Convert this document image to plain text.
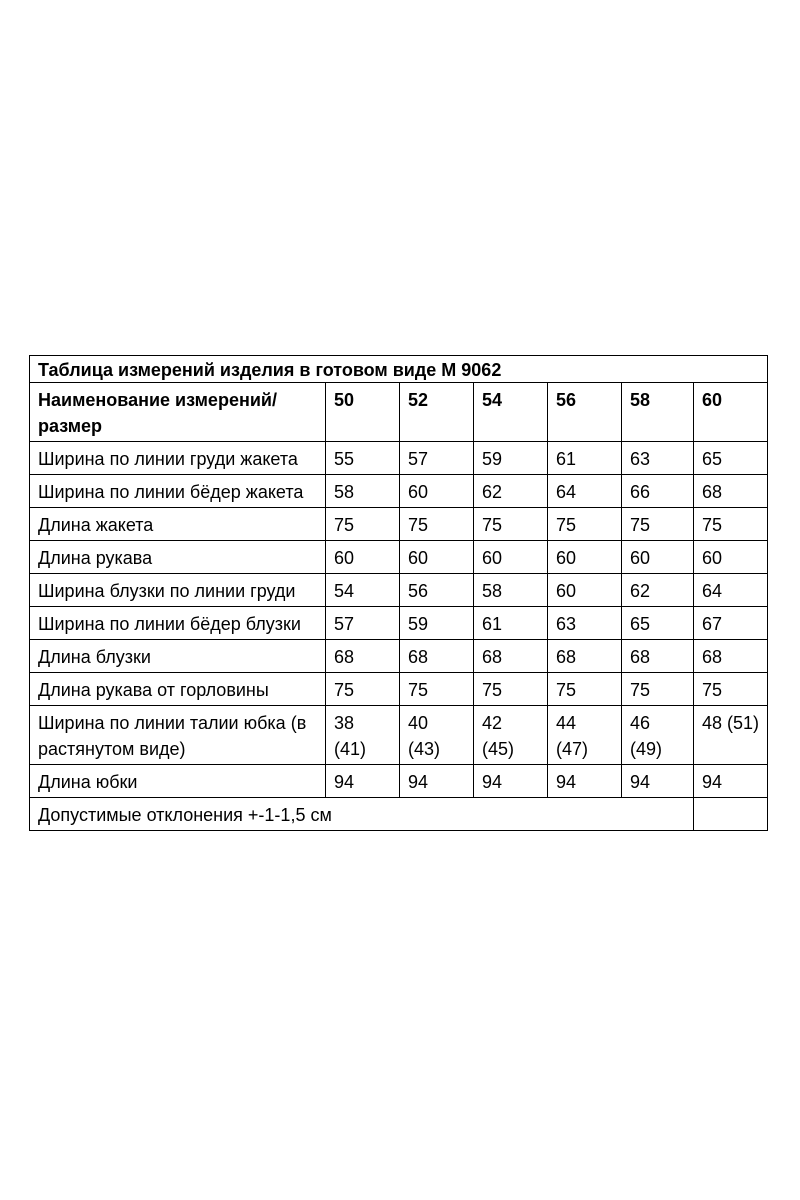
Таблица измерений изделия в готовом виде М 9062						
Наименование измерений/размер	50	52	54	56	58	60
Ширина по линии груди жакета	55	57	59	61	63	65
Ширина по линии бёдер жакета	58	60	62	64	66	68
Длина жакета	75	75	75	75	75	75
Длина рукава	60	60	60	60	60	60
Ширина блузки по линии груди	54	56	58	60	62	64
Ширина по линии бёдер блузки	57	59	61	63	65	67
Длина блузки	68	68	68	68	68	68
Длина рукава от горловины	75	75	75	75	75	75
Ширина по линии талии юбка (в растянутом виде)	38 (41)	40 (43)	42 (45)	44 (47)	46 (49)	48 (51)
Длина юбки	94	94	94	94	94	94
Допустимые отклонения +-1-1,5 см						
